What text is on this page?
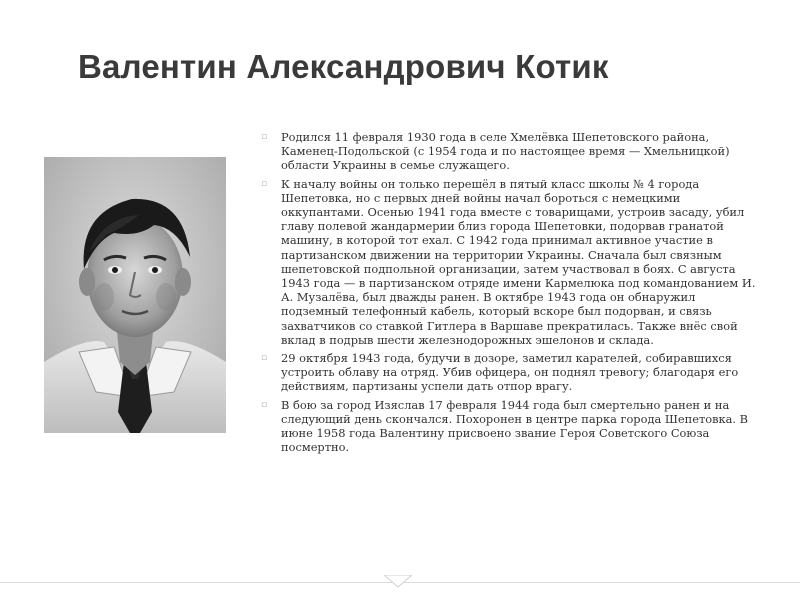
Валентин Александрович Котик
▫ Родился 11 февраля 1930 года в селе Хмелёвка Шепетовского района, Каменец-Подольской (с 1954 года и по настоящее время — Хмельницкой) области Украины в семье служащего.
▫ К началу войны он только перешёл в пятый класс школы № 4 города Шепетовка, но с первых дней войны начал бороться с немецкими оккупантами. Осенью 1941 года вместе с товарищами, устроив засаду, убил главу полевой жандармерии близ города Шепетовки, подорвав гранатой машину, в которой тот ехал. С 1942 года принимал активное участие в партизанском движении на территории Украины. Сначала был связным шепетовской подпольной организации, затем участвовал в боях. С августа 1943 года — в партизанском отряде имени Кармелюка под командованием И. А. Музалёва, был дважды ранен. В октябре 1943 года он обнаружил подземный телефонный кабель, который вскоре был подорван, и связь захватчиков со ставкой Гитлера в Варшаве прекратилась. Также внёс свой вклад в подрыв шести железнодорожных эшелонов и склада.
▫ 29 октября 1943 года, будучи в дозоре, заметил карателей, собиравшихся устроить облаву на отряд. Убив офицера, он поднял тревогу; благодаря его действиям, партизаны успели дать отпор врагу.
▫ В бою за город Изяслав 17 февраля 1944 года был смертельно ранен и на следующий день скончался. Похоронен в центре парка города Шепетовка. В июне 1958 года Валентину присвоено звание Героя Советского Союза посмертно.
